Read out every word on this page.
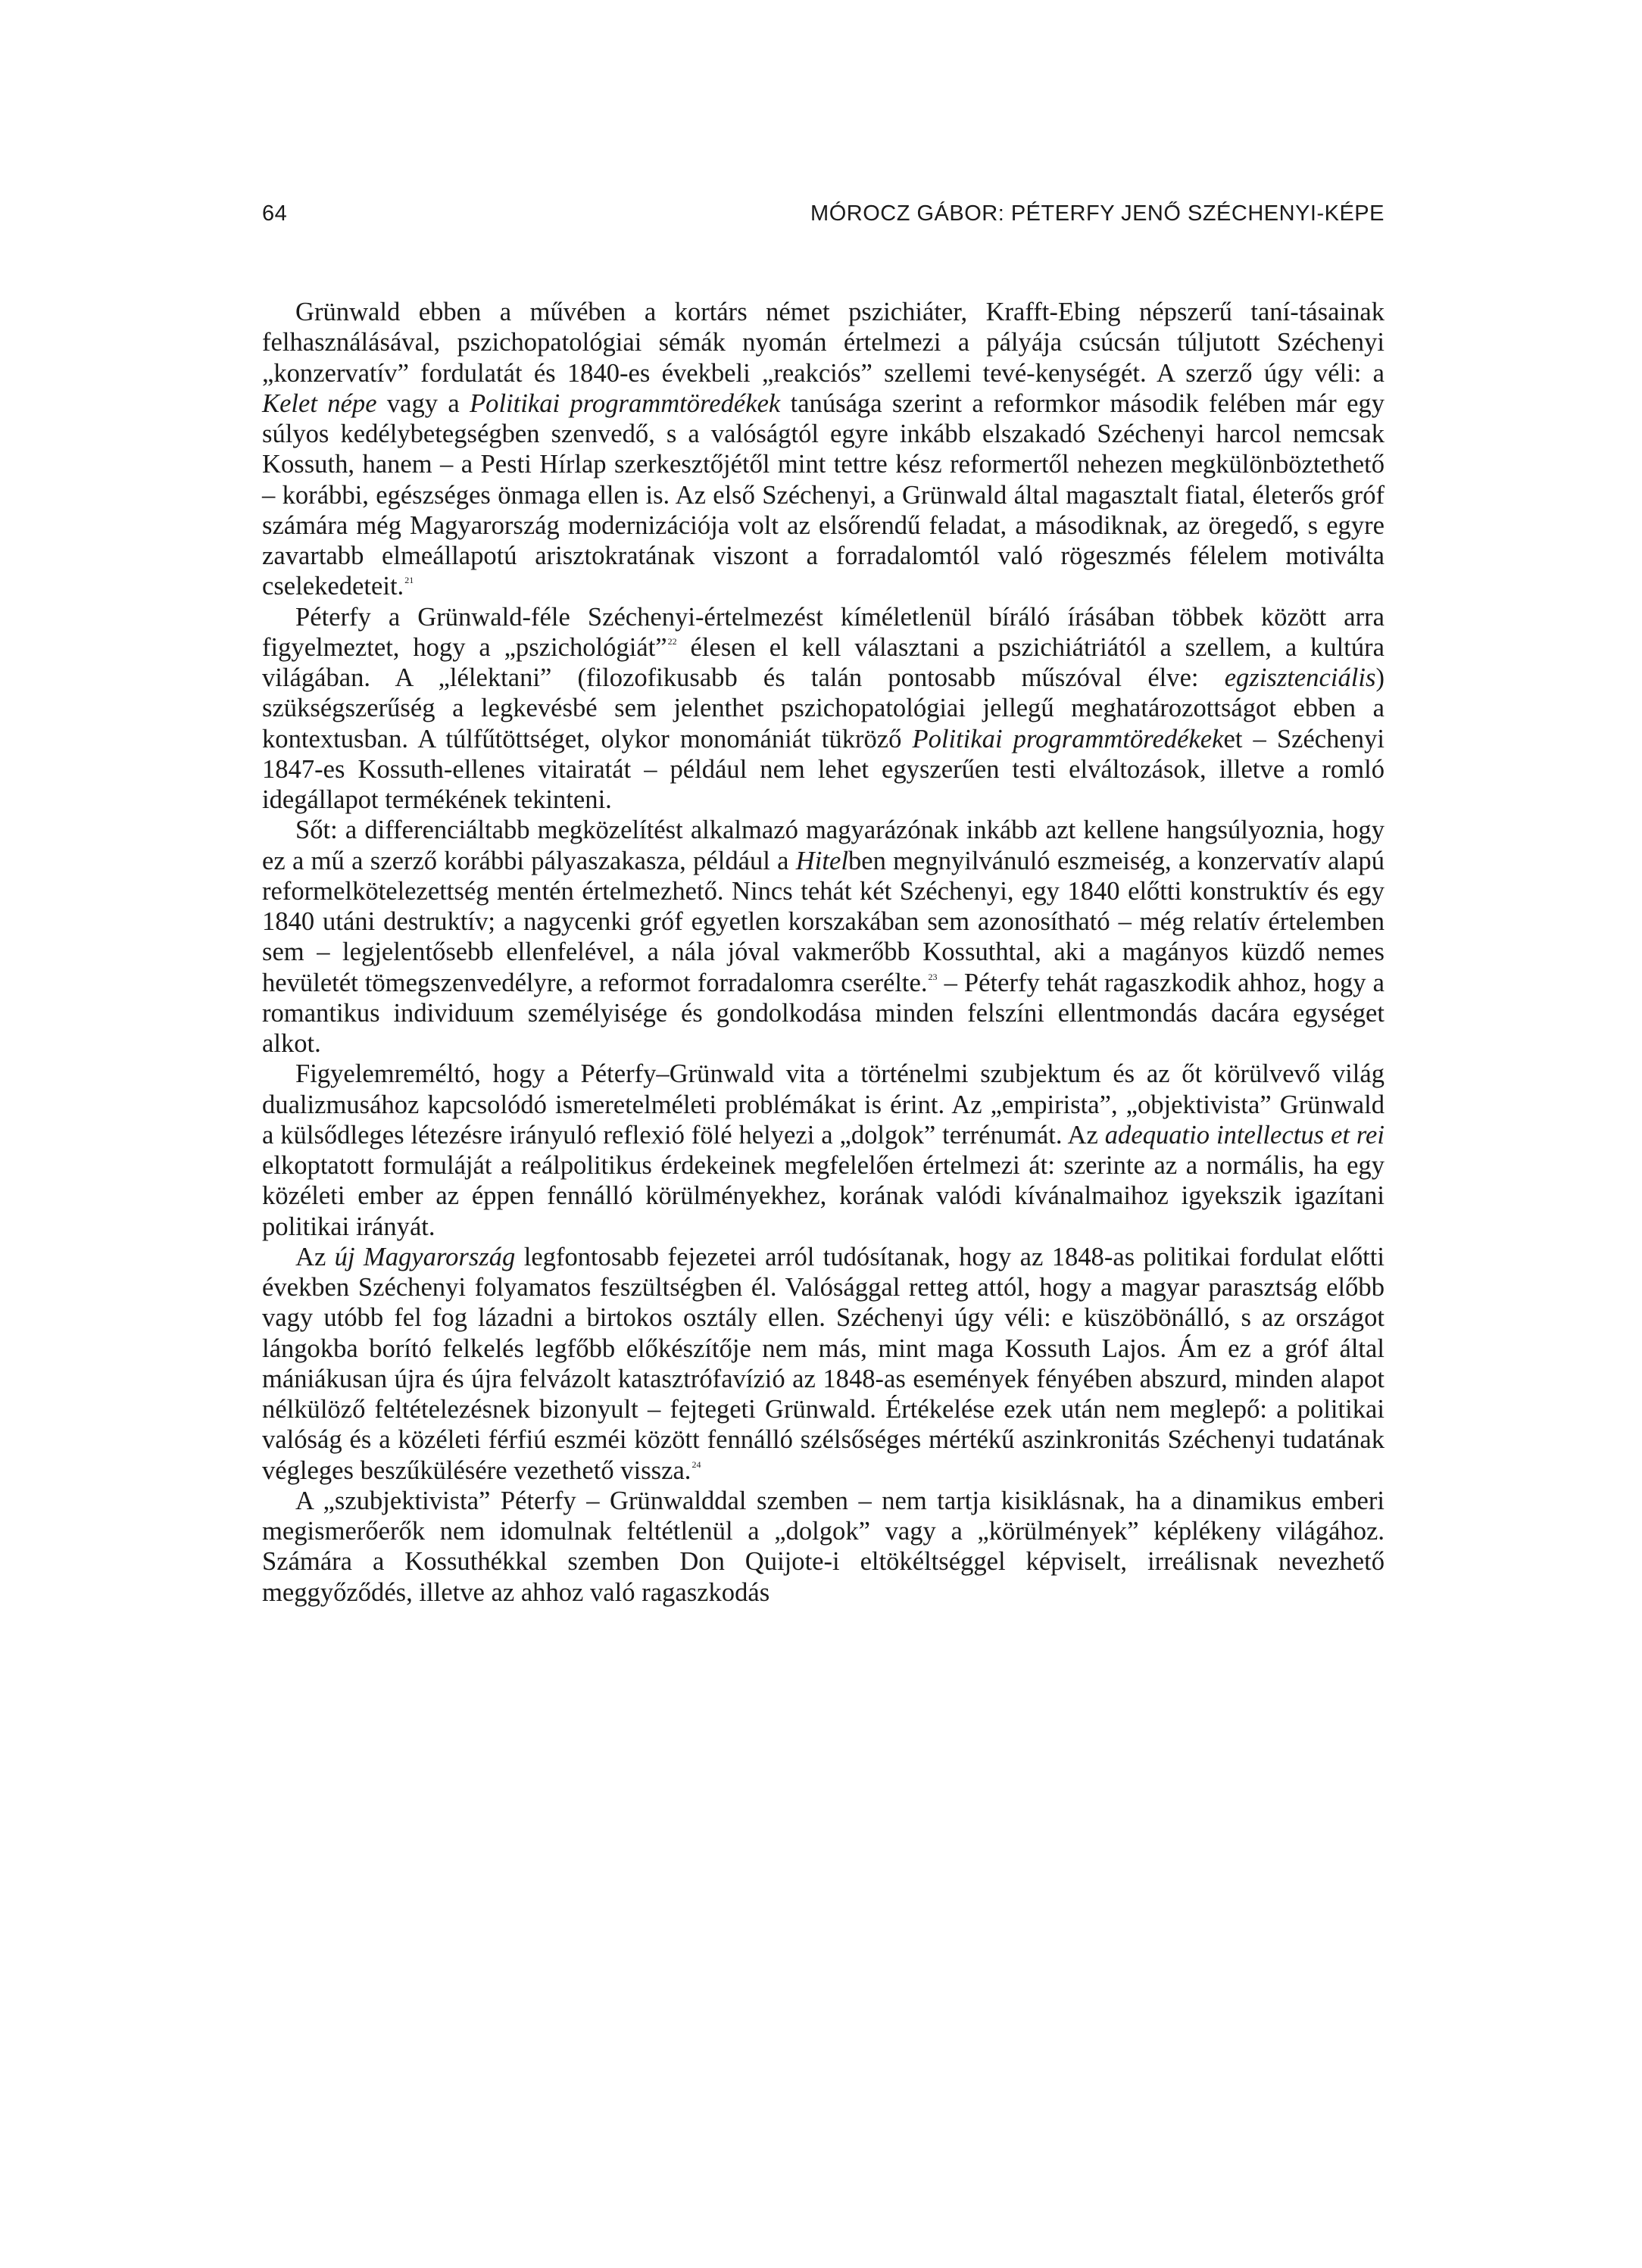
64	MÓROCZ GÁBOR: PÉTERFY JENŐ SZÉCHENYI-KÉPE

Grünwald ebben a művében a kortárs német pszichiáter, Krafft-Ebing népszerű taní-tásainak felhasználásával, pszichopatológiai sémák nyomán értelmezi a pályája csúcsán túljutott Széchenyi „konzervatív” fordulatát és 1840-es évekbeli „reakciós” szellemi tevé-kenységét. A szerző úgy véli: a Kelet népe vagy a Politikai programmtöredékek tanúsága szerint a reformkor második felében már egy súlyos kedélybetegségben szenvedő, s a valóságtól egyre inkább elszakadó Széchenyi harcol nemcsak Kossuth, hanem – a Pesti Hírlap szerkesztőjétől mint tettre kész reformertől nehezen megkülönböztethető – korábbi, egészséges önmaga ellen is. Az első Széchenyi, a Grünwald által magasztalt fiatal, életerős gróf számára még Magyarország modernizációja volt az elsőrendű feladat, a másodiknak, az öregedő, s egyre zavartabb elmeállapotú arisztokratának viszont a forradalomtól való rögeszmés félelem motiválta cselekedeteit.$^{21}$

Péterfy a Grünwald-féle Széchenyi-értelmezést kíméletlenül bíráló írásában többek között arra figyelmeztet, hogy a „pszichológiát”$^{22}$ élesen el kell választani a pszichiátriától a szellem, a kultúra világában. A „lélektani” (filozofikusabb és talán pontosabb műszóval élve: egzisztenciális) szükségszerűség a legkevésbé sem jelenthet pszichopatológiai jellegű meghatározottságot ebben a kontextusban. A túlfűtöttséget, olykor monomániát tükröző Politikai programmtöredékeket – Széchenyi 1847-es Kossuth-ellenes vitairatát – például nem lehet egyszerűen testi elváltozások, illetve a romló idegállapot termékének tekinteni.

Sőt: a differenciáltabb megközelítést alkalmazó magyarázónak inkább azt kellene hangsúlyoznia, hogy ez a mű a szerző korábbi pályaszakasza, például a Hitelben megnyilvánuló eszmeiség, a konzervatív alapú reformelkötelezettség mentén értelmezhető. Nincs tehát két Széchenyi, egy 1840 előtti konstruktív és egy 1840 utáni destruktív; a nagycenki gróf egyetlen korszakában sem azonosítható – még relatív értelemben sem – legjelentősebb ellenfelével, a nála jóval vakmerőbb Kossuthtal, aki a magányos küzdő nemes hevületét tömegszenvedélyre, a reformot forradalomra cserélte.$^{23}$ – Péterfy tehát ragaszkodik ahhoz, hogy a romantikus individuum személyisége és gondolkodása minden felszíni ellentmondás dacára egységet alkot.

Figyelemreméltó, hogy a Péterfy–Grünwald vita a történelmi szubjektum és az őt körülvevő világ dualizmusához kapcsolódó ismeretelméleti problémákat is érint. Az „empirista”, „objektivista” Grünwald a külsődleges létezésre irányuló reflexió fölé helyezi a „dolgok” terrénumát. Az adequatio intellectus et rei elkoptatott formuláját a reálpolitikus érdekeinek megfelelően értelmezi át: szerinte az a normális, ha egy közéleti ember az éppen fennálló körülményekhez, korának valódi kívánalmaihoz igyekszik igazítani politikai irányát.

Az új Magyarország legfontosabb fejezetei arról tudósítanak, hogy az 1848-as politikai fordulat előtti években Széchenyi folyamatos feszültségben él. Valósággal retteg attól, hogy a magyar parasztság előbb vagy utóbb fel fog lázadni a birtokos osztály ellen. Széchenyi úgy véli: e küszöbönálló, s az országot lángokba borító felkelés legfőbb előkészítője nem más, mint maga Kossuth Lajos. Ám ez a gróf által mániákusan újra és újra felvázolt katasztrófavízió az 1848-as események fényében abszurd, minden alapot nélkülöző feltételezésnek bizonyult – fejtegeti Grünwald. Értékelése ezek után nem meglepő: a politikai valóság és a közéleti férfiú eszméi között fennálló szélsőséges mértékű aszinkronitás Széchenyi tudatának végleges beszűkülésére vezethető vissza.$^{24}$

A „szubjektivista” Péterfy – Grünwalddal szemben – nem tartja kisiklásnak, ha a dinamikus emberi megismerőerők nem idomulnak feltétlenül a „dolgok” vagy a „körülmények” képlékeny világához. Számára a Kossuthékkal szemben Don Quijote-i eltökéltséggel képviselt, irreálisnak nevezhető meggyőződés, illetve az ahhoz való ragaszkodás
